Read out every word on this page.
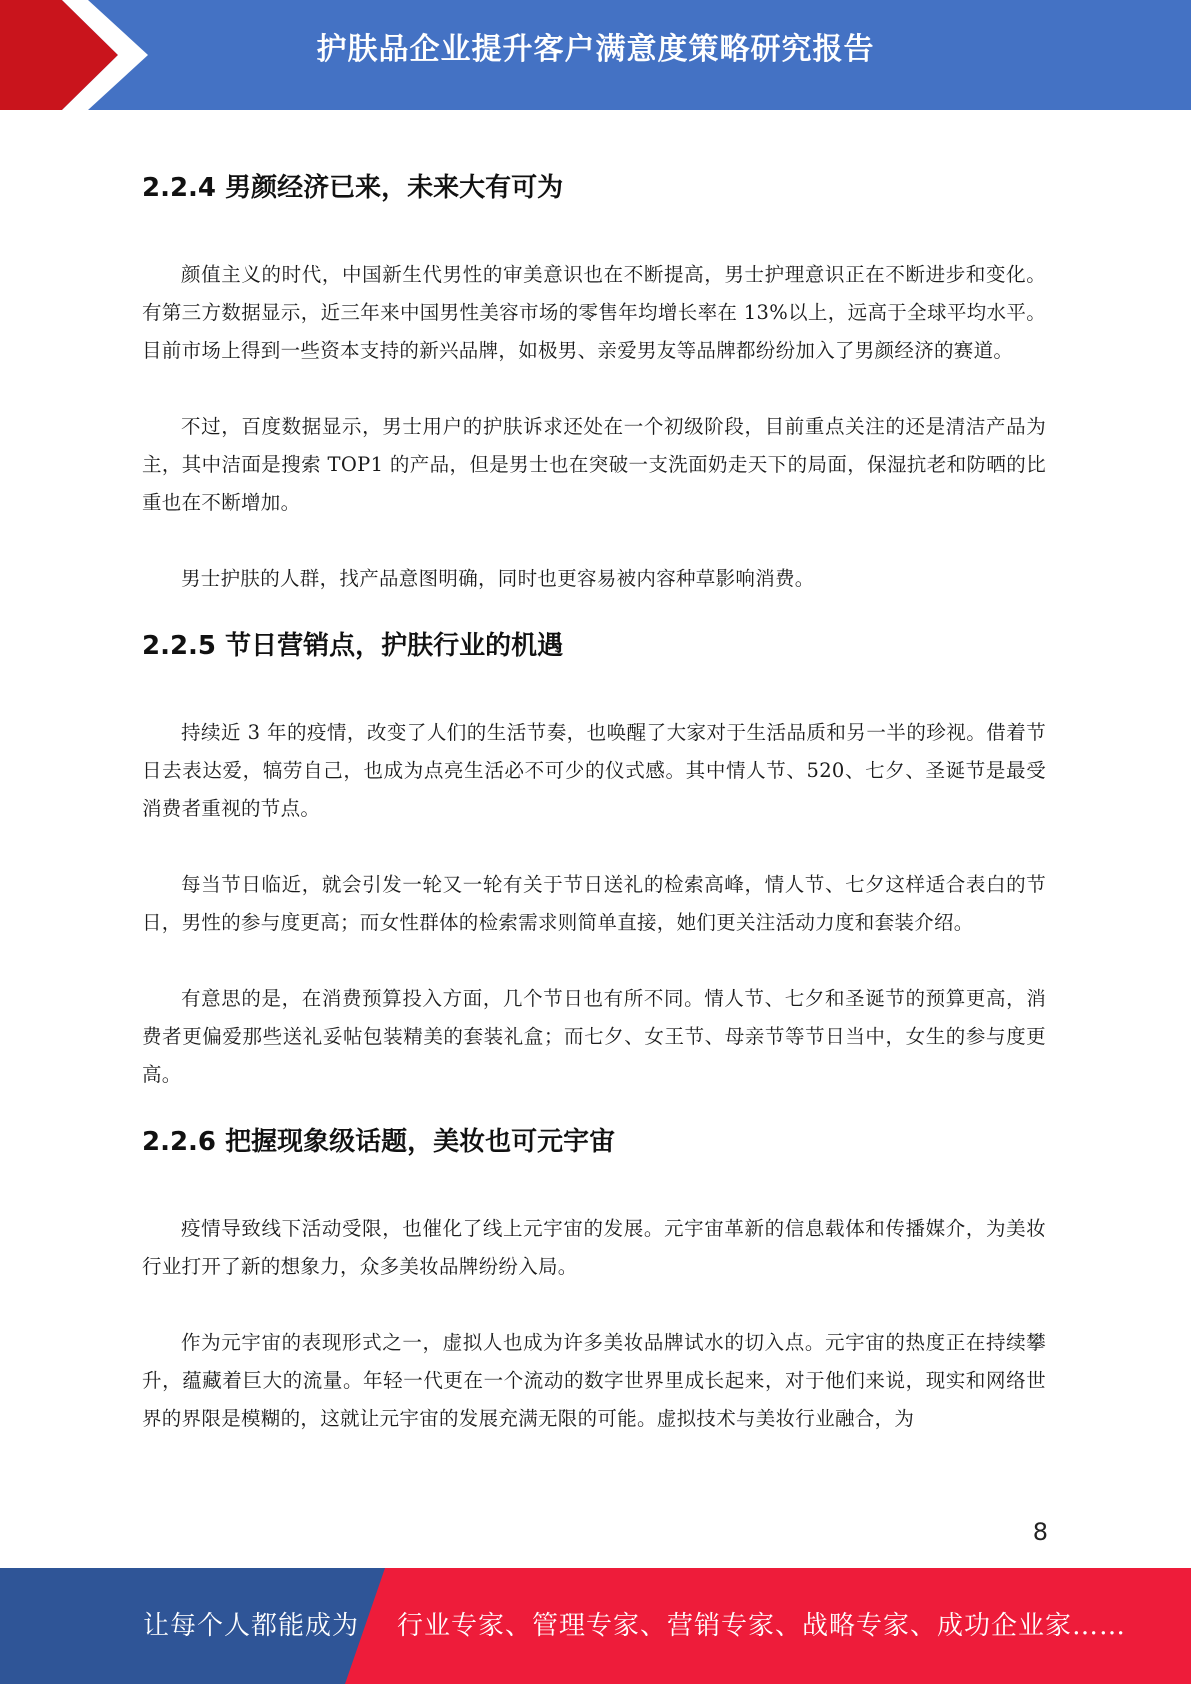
护肤品企业提升客户满意度策略研究报告
2.2.4 男颜经济已来，未来大有可为

颜值主义的时代，中国新生代男性的审美意识也在不断提高，男士护理意识正在不断进步和变化。有第三方数据显示，近三年来中国男性美容市场的零售年均增长率在 13%以上，远高于全球平均水平。目前市场上得到一些资本支持的新兴品牌，如极男、亲爱男友等品牌都纷纷加入了男颜经济的赛道。

不过，百度数据显示，男士用户的护肤诉求还处在一个初级阶段，目前重点关注的还是清洁产品为主，其中洁面是搜索 TOP1 的产品，但是男士也在突破一支洗面奶走天下的局面，保湿抗老和防晒的比重也在不断增加。

男士护肤的人群，找产品意图明确，同时也更容易被内容种草影响消费。

2.2.5 节日营销点，护肤行业的机遇

持续近 3 年的疫情，改变了人们的生活节奏，也唤醒了大家对于生活品质和另一半的珍视。借着节日去表达爱，犒劳自己，也成为点亮生活必不可少的仪式感。其中情人节、520、七夕、圣诞节是最受消费者重视的节点。

每当节日临近，就会引发一轮又一轮有关于节日送礼的检索高峰，情人节、七夕这样适合表白的节日，男性的参与度更高；而女性群体的检索需求则简单直接，她们更关注活动力度和套装介绍。

有意思的是，在消费预算投入方面，几个节日也有所不同。情人节、七夕和圣诞节的预算更高，消费者更偏爱那些送礼妥帖包装精美的套装礼盒；而七夕、女王节、母亲节等节日当中，女生的参与度更高。

2.2.6 把握现象级话题，美妆也可元宇宙

疫情导致线下活动受限，也催化了线上元宇宙的发展。元宇宙革新的信息载体和传播媒介，为美妆行业打开了新的想象力，众多美妆品牌纷纷入局。

作为元宇宙的表现形式之一，虚拟人也成为许多美妆品牌试水的切入点。元宇宙的热度正在持续攀升，蕴藏着巨大的流量。年轻一代更在一个流动的数字世界里成长起来，对于他们来说，现实和网络世界的界限是模糊的，这就让元宇宙的发展充满无限的可能。虚拟技术与美妆行业融合，为

8
让每个人都能成为 行业专家、管理专家、营销专家、战略专家、成功企业家……
